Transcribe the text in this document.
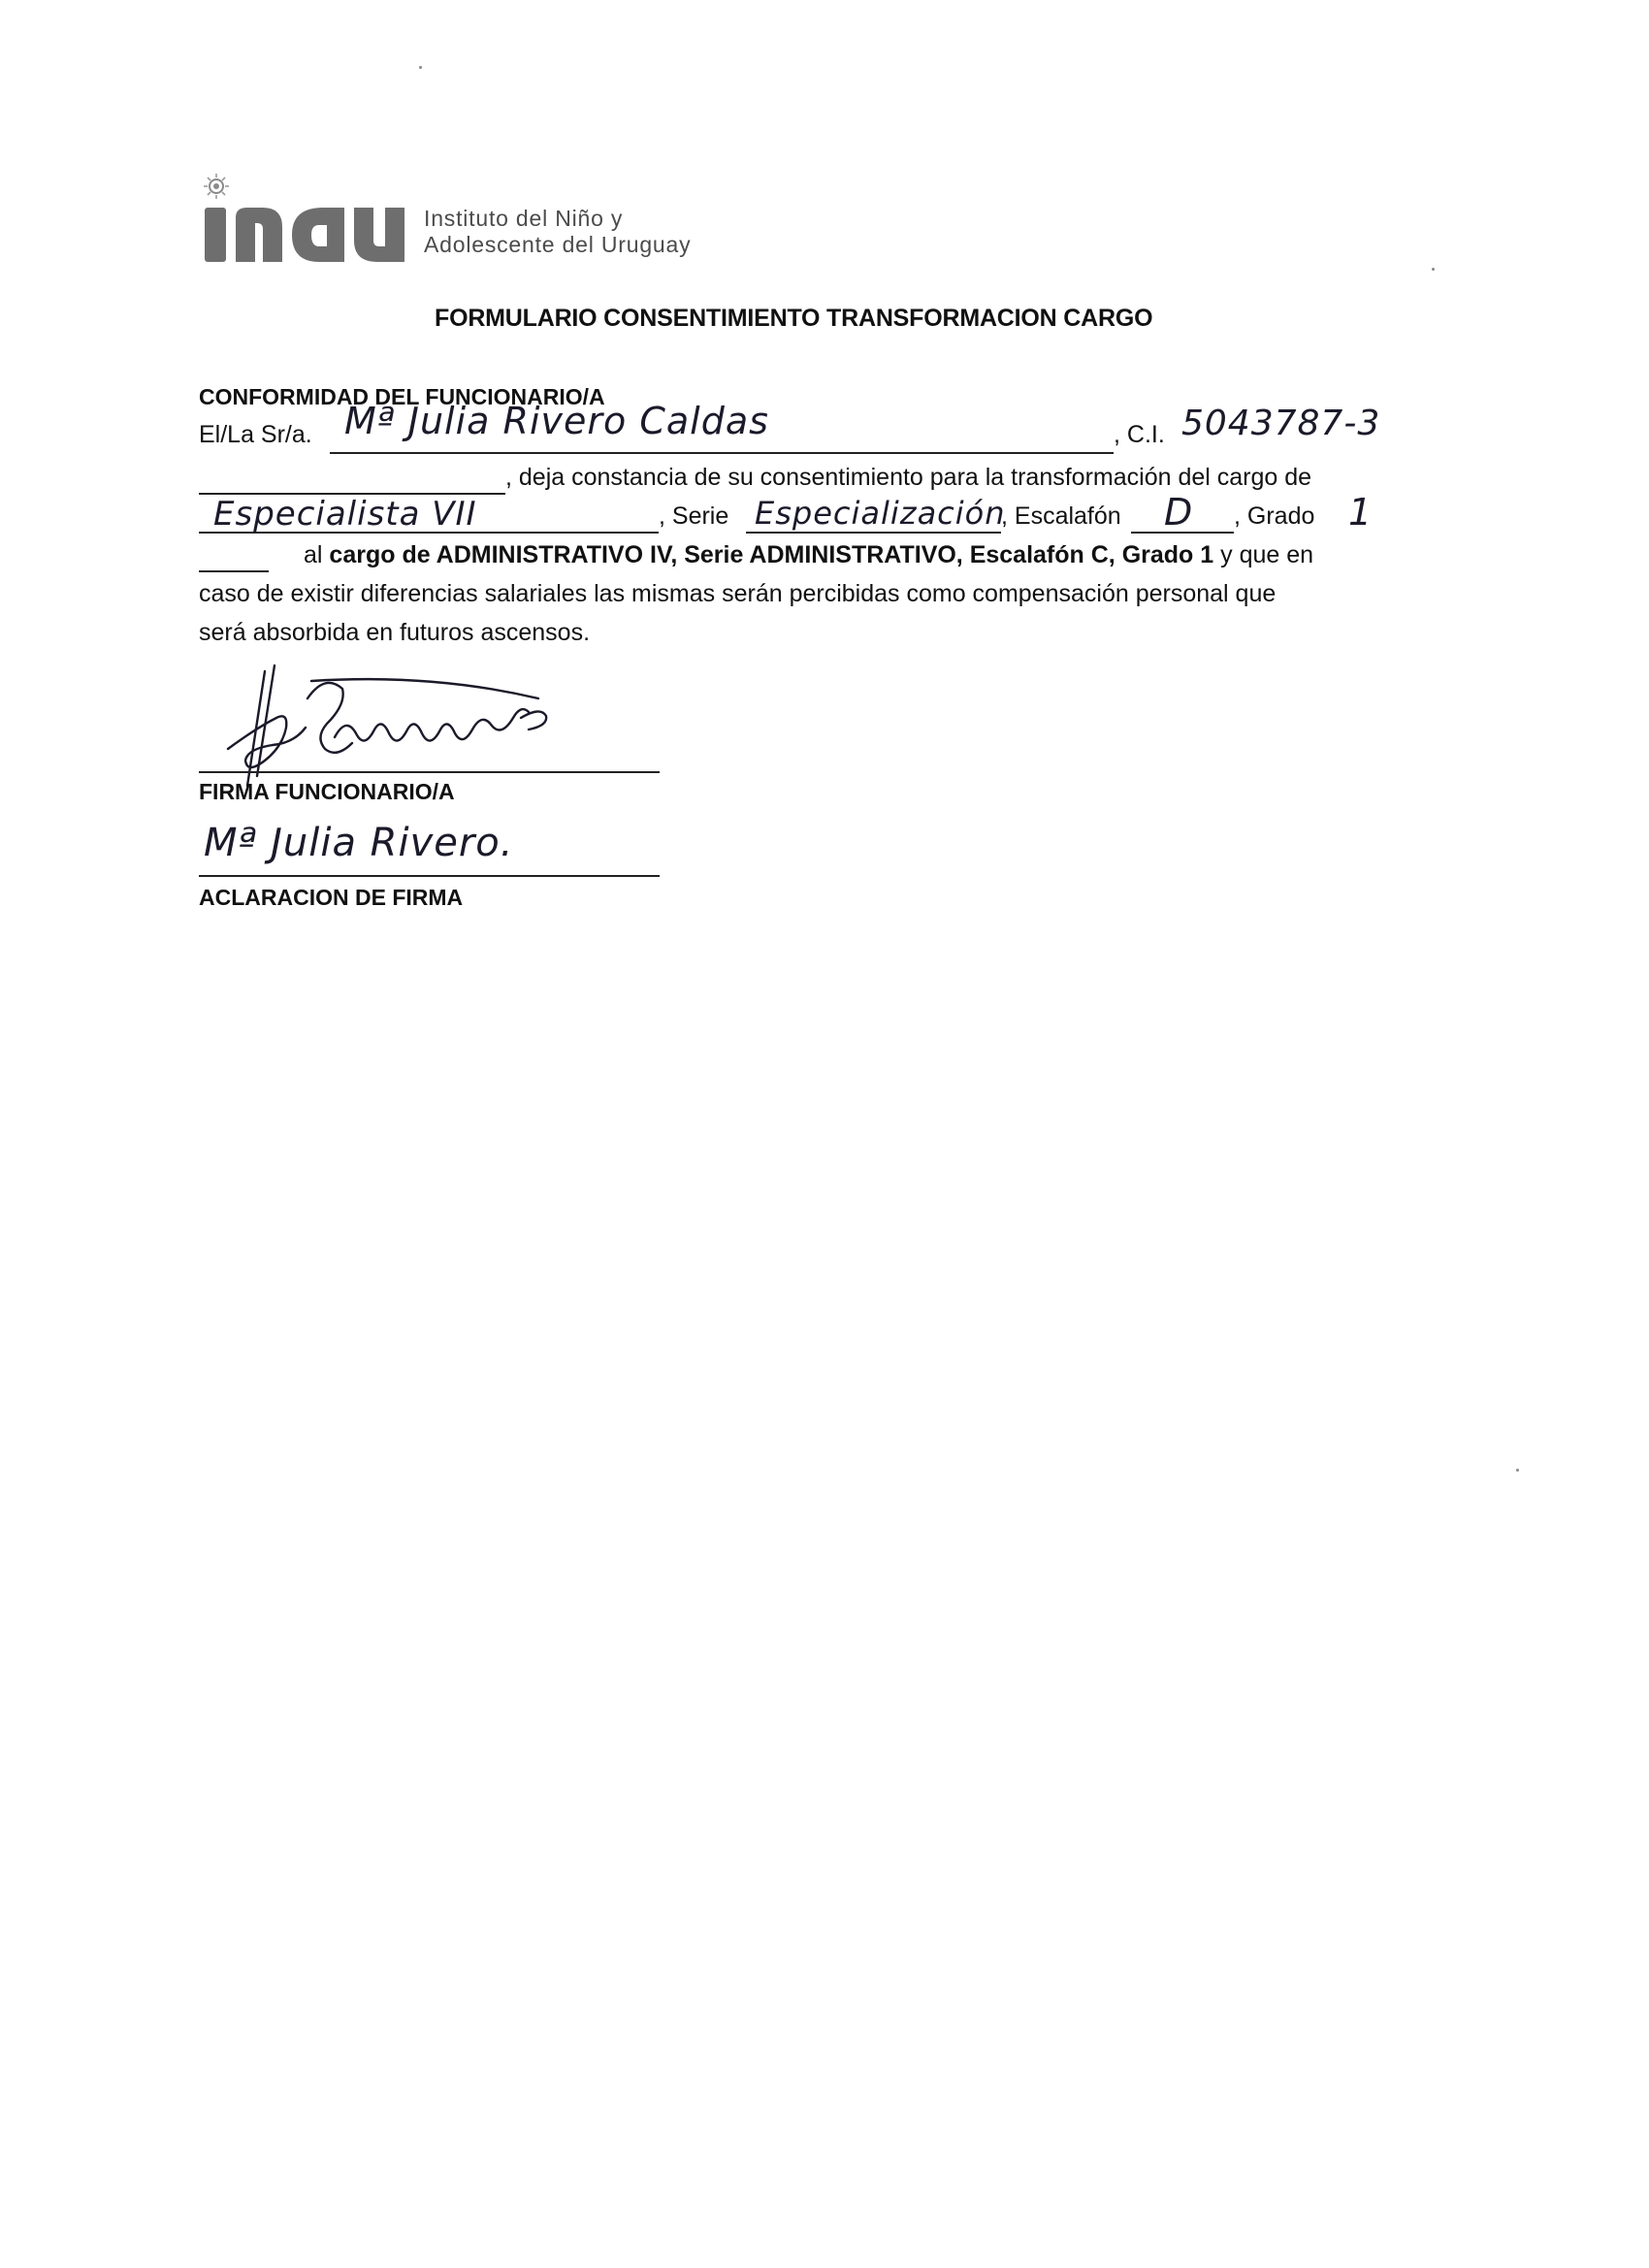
Instituto del Niño y
Adolescente del Uruguay
FORMULARIO CONSENTIMIENTO TRANSFORMACION CARGO
CONFORMIDAD DEL FUNCIONARIO/A
El/La Sr/a. Mª Julia Rivero Caldas	, C.I. 5043787-3
, deja constancia de su consentimiento para la transformación del cargo de
Especialista VII	, Serie Especialización
, Escalafón D , Grado 1
al cargo de ADMINISTRATIVO IV, Serie ADMINISTRATIVO, Escalafón C, Grado 1 y que en
caso de existir diferencias salariales las mismas serán percibidas como compensación personal que
será absorbida en futuros ascensos.
FIRMA FUNCIONARIO/A
Mª Julia Rivero.
ACLARACION DE FIRMA
